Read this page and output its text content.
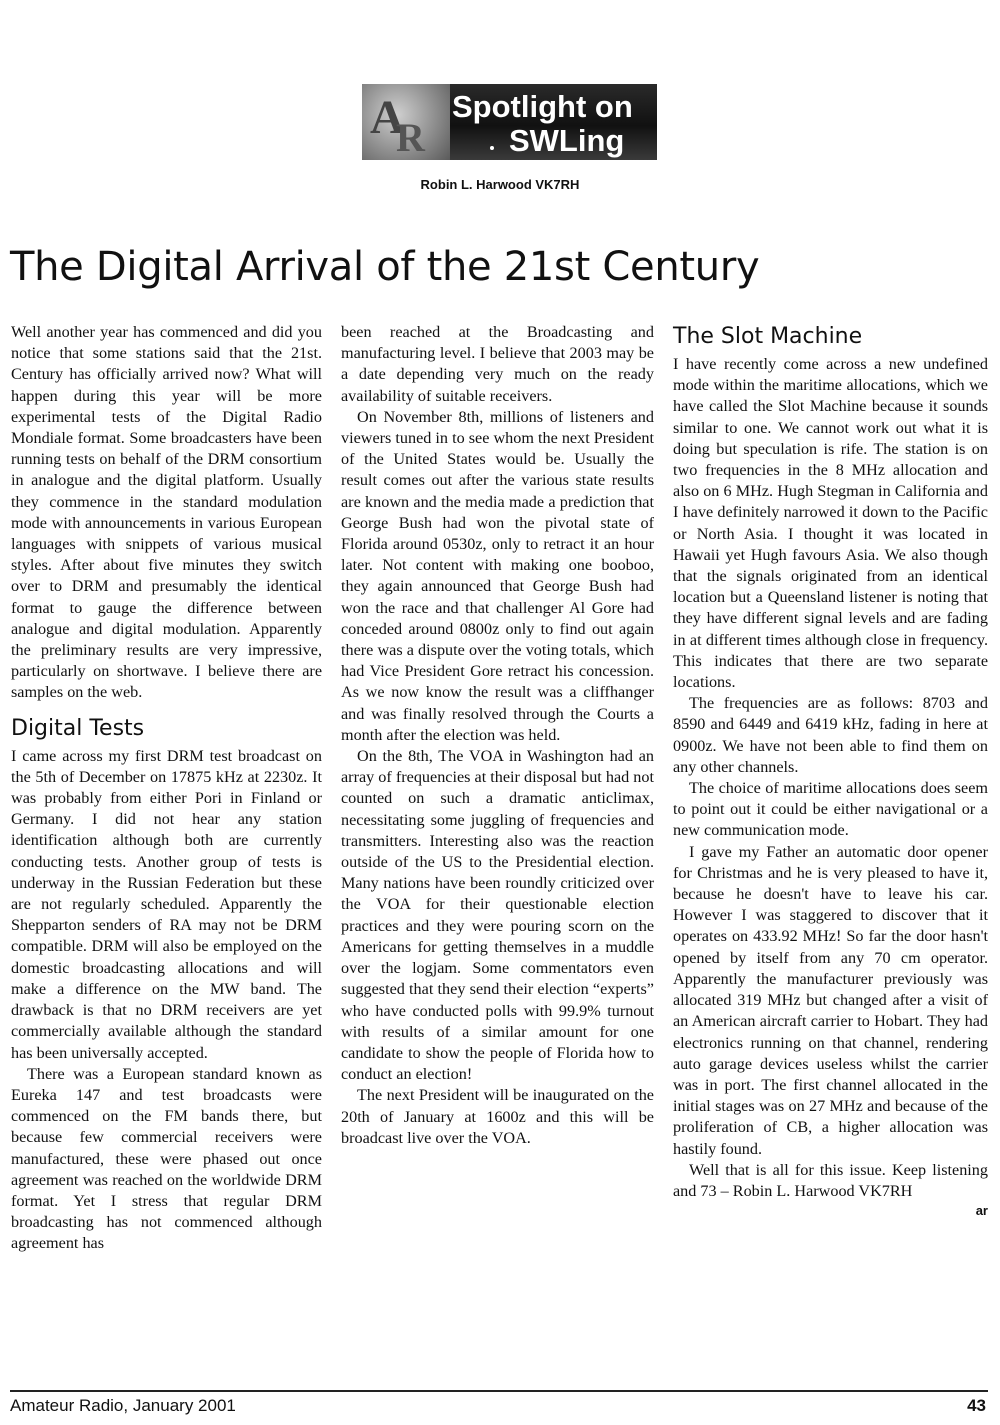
A
R
Spotlight on
SWLing
Robin L. Harwood VK7RH
The Digital Arrival of the 21st Century

Well another year has commenced and did you notice that some stations said that the 21st. Century has officially arrived now? What will happen during this year will be more experimental tests of the Digital Radio Mondiale format. Some broadcasters have been running tests on behalf of the DRM consortium in analogue and the digital platform. Usually they commence in the standard modulation mode with announcements in various European languages with snippets of various musical styles. After about five minutes they switch over to DRM and presumably the identical format to gauge the difference between analogue and digital modulation. Apparently the preliminary results are very impressive, particularly on shortwave. I believe there are samples on the web.

Digital Tests

I came across my first DRM test broadcast on the 5th of December on 17875 kHz at 2230z. It was probably from either Pori in Finland or Germany. I did not hear any station identification although both are currently conducting tests. Another group of tests is underway in the Russian Federation but these are not regularly scheduled. Apparently the Shepparton senders of RA may not be DRM compatible. DRM will also be employed on the domestic broadcasting allocations and will make a difference on the MW band. The drawback is that no DRM receivers are yet commercially available although the standard has been universally accepted.

There was a European standard known as Eureka 147 and test broadcasts were commenced on the FM bands there, but because few commercial receivers were manufactured, these were phased out once agreement was reached on the worldwide DRM format. Yet I stress that regular DRM broadcasting has not commenced although agreement has

been reached at the Broadcasting and manufacturing level. I believe that 2003 may be a date depending very much on the ready availability of suitable receivers.

On November 8th, millions of listeners and viewers tuned in to see whom the next President of the United States would be. Usually the result comes out after the various state results are known and the media made a prediction that George Bush had won the pivotal state of Florida around 0530z, only to retract it an hour later. Not content with making one booboo, they again announced that George Bush had won the race and that challenger Al Gore had conceded around 0800z only to find out again there was a dispute over the voting totals, which had Vice President Gore retract his concession. As we now know the result was a cliffhanger and was finally resolved through the Courts a month after the election was held.

On the 8th, The VOA in Washington had an array of frequencies at their disposal but had not counted on such a dramatic anticlimax, necessitating some juggling of frequencies and transmitters. Interesting also was the reaction outside of the US to the Presidential election. Many nations have been roundly criticized over the VOA for their questionable election practices and they were pouring scorn on the Americans for getting themselves in a muddle over the logjam. Some commentators even suggested that they send their election “experts” who have conducted polls with 99.9% turnout with results of a similar amount for one candidate to show the people of Florida how to conduct an election!

The next President will be inaugurated on the 20th of January at 1600z and this will be broadcast live over the VOA.

The Slot Machine

I have recently come across a new undefined mode within the maritime allocations, which we have called the Slot Machine because it sounds similar to one. We cannot work out what it is doing but speculation is rife. The station is on two frequencies in the 8 MHz allocation and also on 6 MHz. Hugh Stegman in California and I have definitely narrowed it down to the Pacific or North Asia. I thought it was located in Hawaii yet Hugh favours Asia. We also though that the signals originated from an identical location but a Queensland listener is noting that they have different signal levels and are fading in at different times although close in frequency. This indicates that there are two separate locations.

The frequencies are as follows: 8703 and 8590 and 6449 and 6419 kHz, fading in here at 0900z. We have not been able to find them on any other channels.

The choice of maritime allocations does seem to point out it could be either navigational or a new communication mode.

I gave my Father an automatic door opener for Christmas and he is very pleased to have it, because he doesn't have to leave his car. However I was staggered to discover that it operates on 433.92 MHz! So far the door hasn't opened by itself from any 70 cm operator. Apparently the manufacturer previously was allocated 319 MHz but changed after a visit of an American aircraft carrier to Hobart. They had electronics running on that channel, rendering auto garage devices useless whilst the carrier was in port. The first channel allocated in the initial stages was on 27 MHz and because of the proliferation of CB, a higher allocation was hastily found.

Well that is all for this issue. Keep listening and 73 – Robin L. Harwood VK7RH

ar
Amateur Radio, January 2001	43
